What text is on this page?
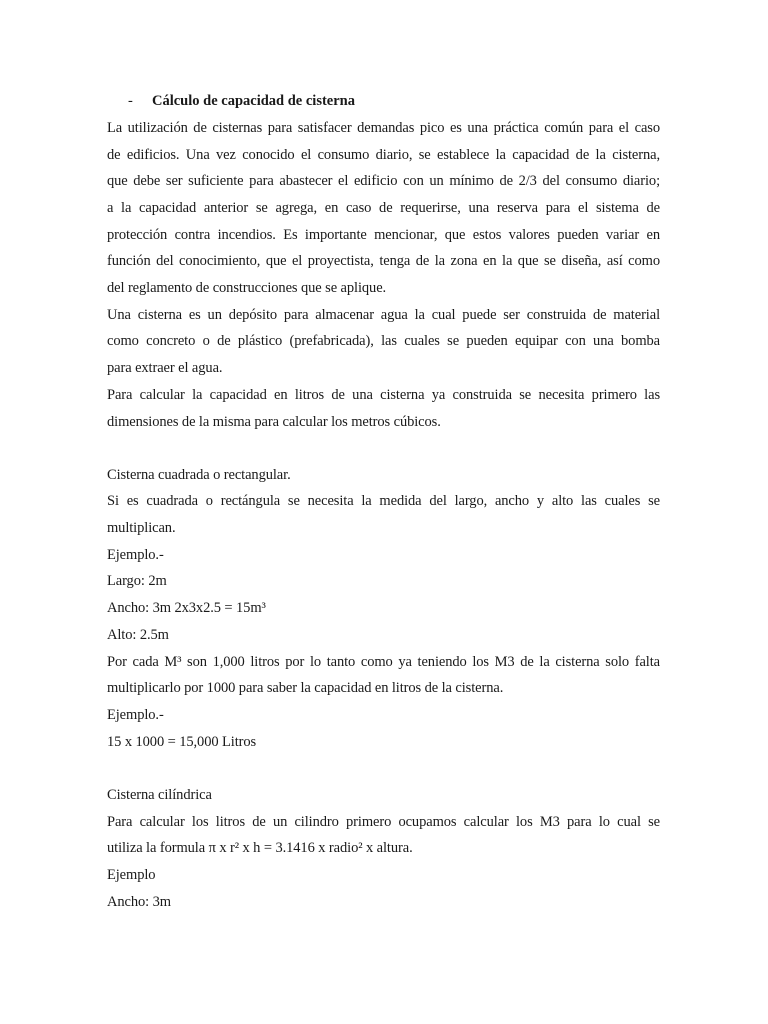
- Cálculo de capacidad de cisterna
La utilización de cisternas para satisfacer demandas pico es una práctica común para el caso
de edificios. Una vez conocido el consumo diario, se establece la capacidad de la cisterna,
que debe ser suficiente para abastecer el edificio con un mínimo de 2/3 del consumo diario;
a la capacidad anterior se agrega, en caso de requerirse, una reserva para el sistema de
protección contra incendios. Es importante mencionar, que estos valores pueden variar en
función del conocimiento, que el proyectista, tenga de la zona en la que se diseña, así como
del reglamento de construcciones que se aplique.
Una cisterna es un depósito para almacenar agua la cual puede ser construida de material
como concreto o de plástico (prefabricada), las cuales se pueden equipar con una bomba
para extraer el agua.
Para calcular la capacidad en litros de una cisterna ya construida se necesita primero las
dimensiones de la misma para calcular los metros cúbicos.
Cisterna cuadrada o rectangular.
Si es cuadrada o rectángula se necesita la medida del largo, ancho y alto las cuales se
multiplican.
Ejemplo.-
Largo: 2m
Ancho: 3m 2x3x2.5 = 15m³
Alto: 2.5m
Por cada M³ son 1,000 litros por lo tanto como ya teniendo los M3 de la cisterna solo falta
multiplicarlo por 1000 para saber la capacidad en litros de la cisterna.
Ejemplo.-
15 x 1000 = 15,000 Litros
Cisterna cilíndrica
Para calcular los litros de un cilindro primero ocupamos calcular los M3 para lo cual se
utiliza la formula π x r² x h = 3.1416 x radio² x altura.
Ejemplo
Ancho: 3m
